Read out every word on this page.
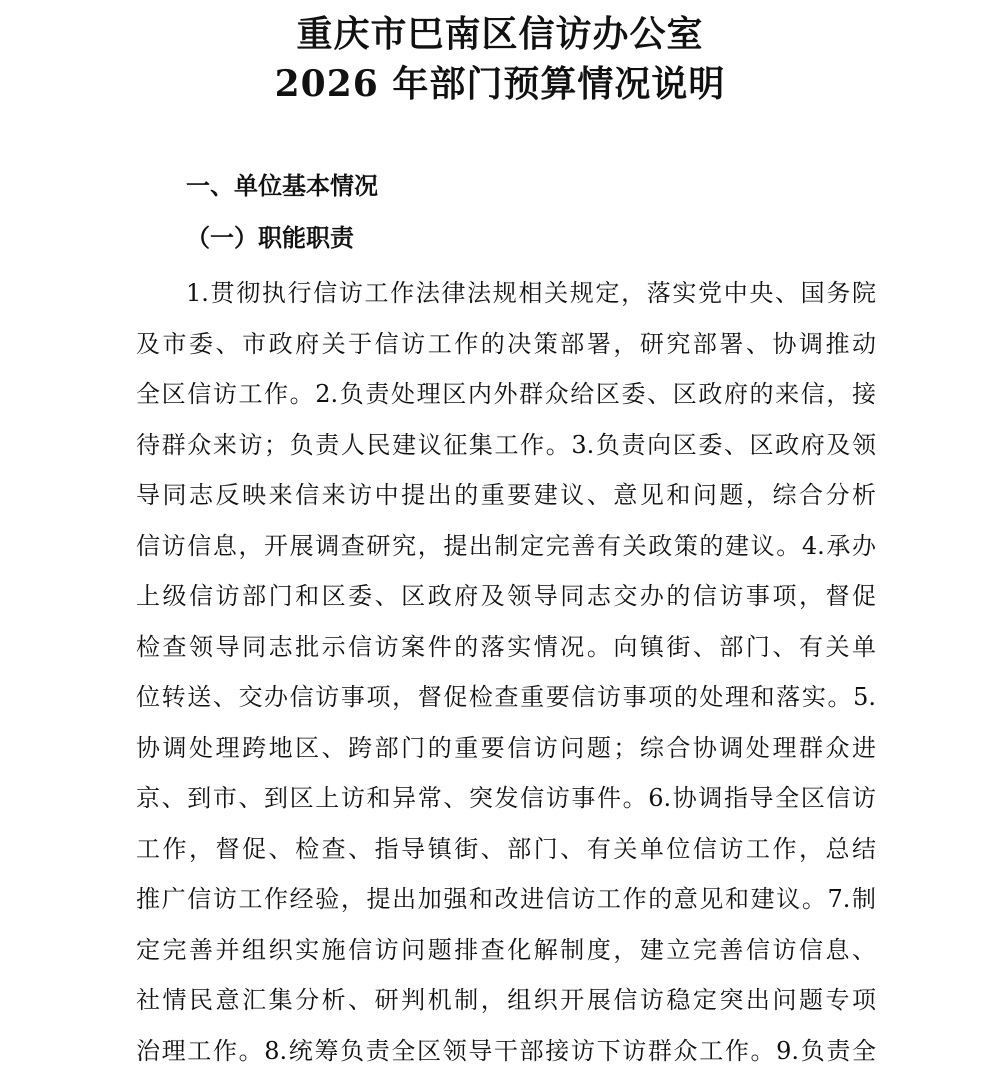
重庆市巴南区信访办公室
2026 年部门预算情况说明
一、单位基本情况
（一）职能职责
1.贯彻执行信访工作法律法规相关规定，落实党中央、国务院
及市委、市政府关于信访工作的决策部署，研究部署、协调推动
全区信访工作。2.负责处理区内外群众给区委、区政府的来信，接
待群众来访；负责人民建议征集工作。3.负责向区委、区政府及领
导同志反映来信来访中提出的重要建议、意见和问题，综合分析
信访信息，开展调查研究，提出制定完善有关政策的建议。4.承办
上级信访部门和区委、区政府及领导同志交办的信访事项，督促
检查领导同志批示信访案件的落实情况。向镇街、部门、有关单
位转送、交办信访事项，督促检查重要信访事项的处理和落实。5.
协调处理跨地区、跨部门的重要信访问题；综合协调处理群众进
京、到市、到区上访和异常、突发信访事件。6.协调指导全区信访
工作，督促、检查、指导镇街、部门、有关单位信访工作，总结
推广信访工作经验，提出加强和改进信访工作的意见和建议。7.制
定完善并组织实施信访问题排查化解制度，建立完善信访信息、
社情民意汇集分析、研判机制，组织开展信访稳定突出问题专项
治理工作。8.统筹负责全区领导干部接访下访群众工作。9.负责全
